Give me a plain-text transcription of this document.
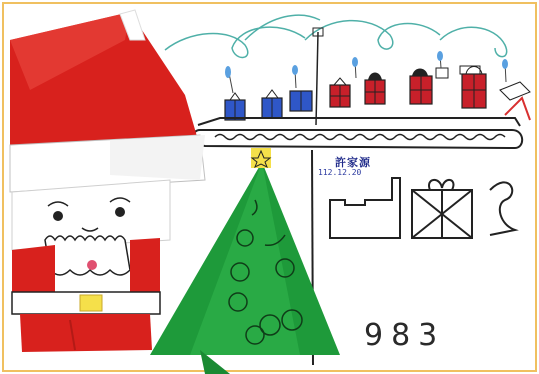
許家源
112.12.20
983
